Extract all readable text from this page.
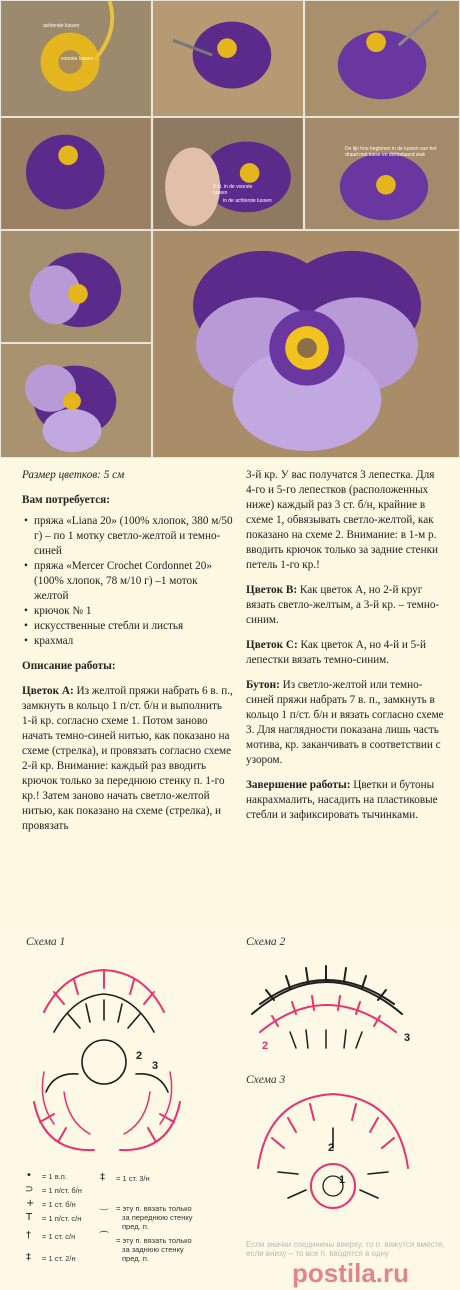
achterste lussen
voorste lussen
2 st. in de voorste
lussen
in de achterste lussen
De lijn hoe beginnen in de lussen van het
draad met losse en dichtstaand stuk

Размер цветков: 5 см

Вам потребуется:

• пряжа «Liana 20» (100% хлопок, 380 м/50 г) – по 1 мотку светло-желтой и темно-синей
• пряжа «Mercer Crochet Cordonnet 20» (100% хлопок, 78 м/10 г) –1 моток желтой
• крючок № 1
• искусственные стебли и листья
• крахмал

Описание работы:

Цветок А: Из желтой пряжи набрать 6 в. п., замкнуть в кольцо 1 п/ст. б/н и выполнить 1-й кр. согласно схеме 1. Потом заново начать темно-синей нитью, как показано на схеме (стрелка), и провязать согласно схеме 2-й кр. Внимание: каждый раз вводить крючок только за переднюю стенку п. 1-го кр.! Затем заново начать светло-желтой нитью, как показано на схеме (стрелка), и провязать

3-й кр. У вас получатся 3 лепестка. Для 4-го и 5-го лепестков (расположенных ниже) каждый раз 3 ст. б/н, крайние в схеме 1, обвязывать светло-желтой, как показано на схеме 2. Внимание: в 1-м р. вводить крючок только за задние стенки петель 1-го кр.!

Цветок В: Как цветок А, но 2-й круг вязать светло-желтым, а 3-й кр. – темно-синим.

Цветок С: Как цветок А, но 4-й и 5-й лепестки вязать темно-синим.

Бутон: Из светло-желтой или темно-синей пряжи набрать 7 в. п., замкнуть в кольцо 1 п/ст. б/н и вязать согласно схеме 3. Для наглядности показана лишь часть мотива, кр. заканчивать в соответствии с узором.

Завершение работы: Цветки и бутоны накрахмалить, насадить на пластиковые стебли и зафиксировать тычинками.

Схема 1	Схема 2
Схема 3
2
3
2
3
2
1
• = 1 в.п.
⊃ = 1 п/ст. б/н
+ = 1 ст. б/н
T = 1 п/ст. с/н
† = 1 ст. с/н
‡ = 1 ст. 2/н
‡ = 1 ст. 3/н
‿ = эту п. вязать только
за переднюю стенку
пред. п.
⁀ = эту п. вязать только
за заднюю стенку
пред. п.
Если значки соединены вверху, то п. вяжутся вместе, если внизу – то все п. вводятся в одну
postila.ru
